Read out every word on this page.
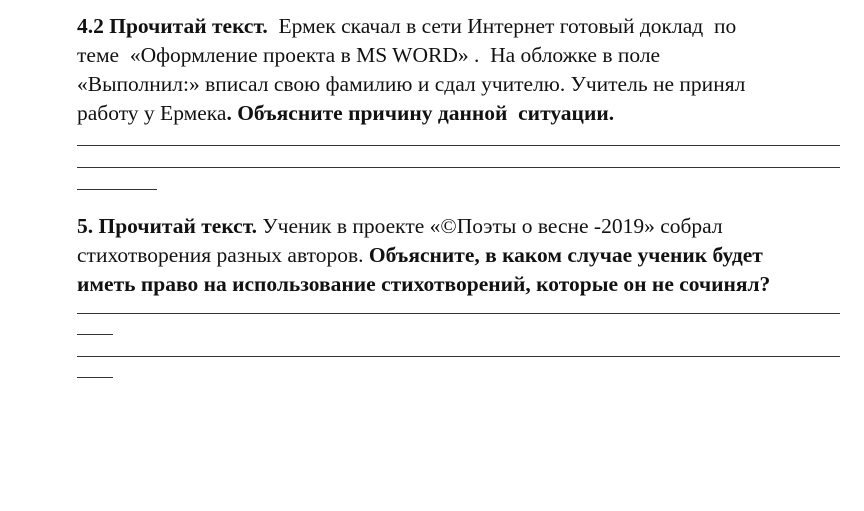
4.2 Прочитай текст.  Ермек скачал в сети Интернет готовый доклад  по
теме  «Оформление проекта в MS WORD» .  На обложке в поле
«Выполнил:» вписал свою фамилию и сдал учителю. Учитель не принял
работу у Ермека. Объясните причину данной  ситуации.
5. Прочитай текст. Ученик в проекте «©Поэты о весне -2019» собрал
стихотворения разных авторов. Объясните, в каком случае ученик будет
иметь право на использование стихотворений, которые он не сочинял?
